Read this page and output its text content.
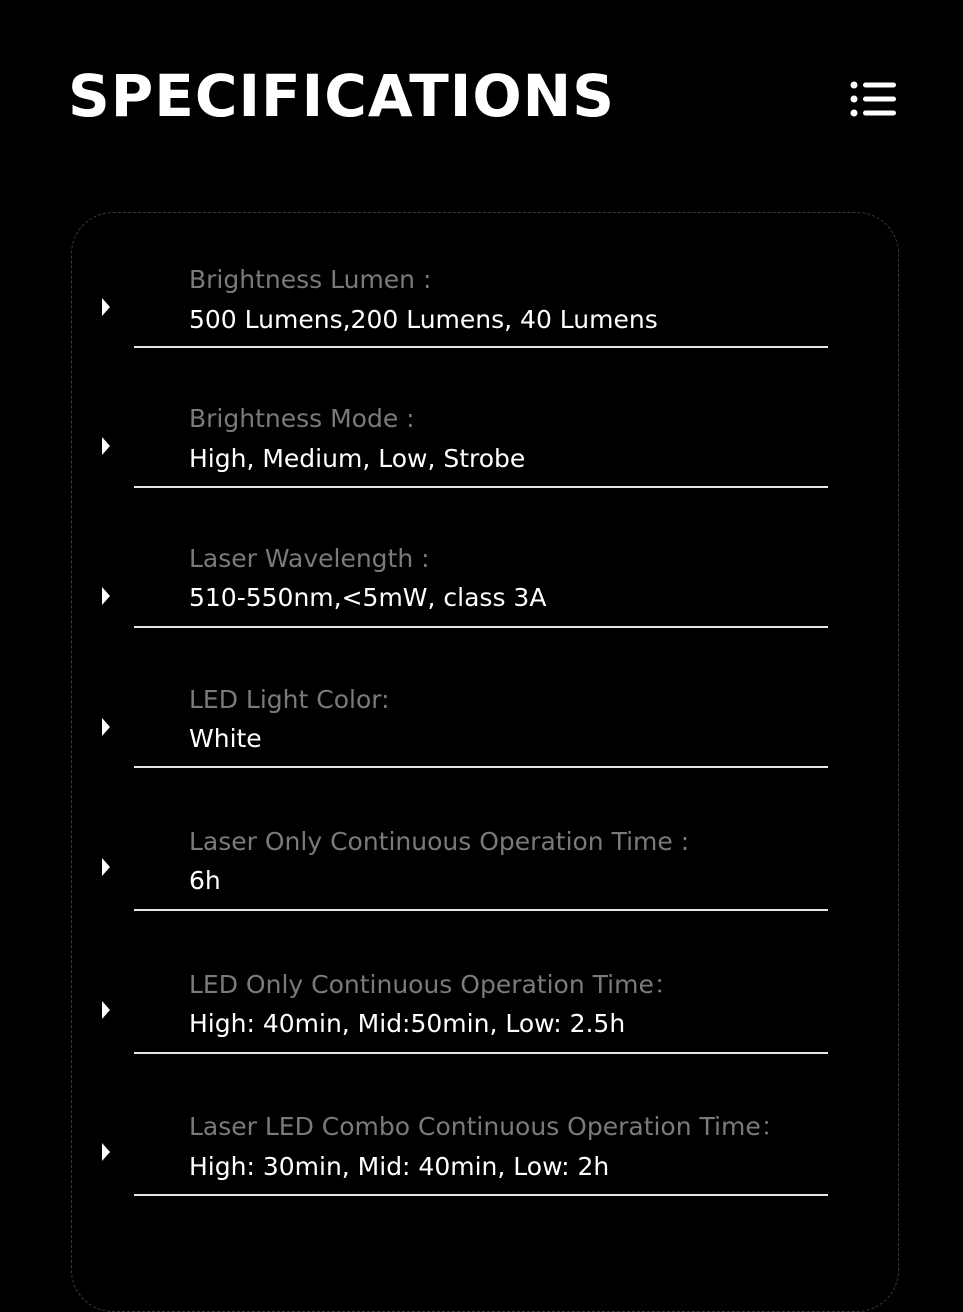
SPECIFICATIONS
Brightness Lumen :
500 Lumens,200 Lumens, 40 Lumens
Brightness Mode :
High, Medium, Low, Strobe
Laser Wavelength :
510-550nm,<5mW, class 3A
LED Light Color:
White
Laser Only Continuous Operation Time :
6h
LED Only Continuous Operation Time：
High: 40min, Mid:50min, Low: 2.5h
Laser LED Combo Continuous Operation Time：
High: 30min, Mid: 40min, Low: 2h
